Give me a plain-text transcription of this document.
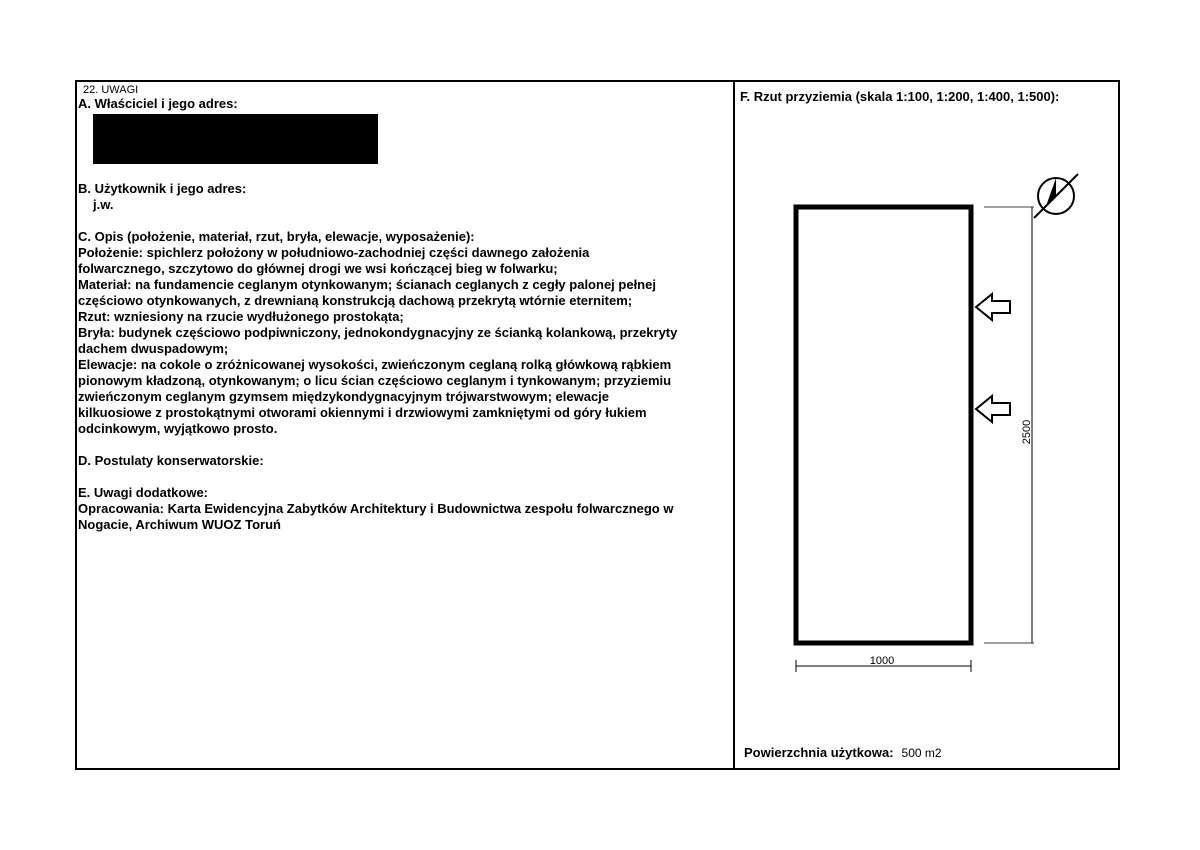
22. UWAGI
A. Właściciel i jego adres:
B. Użytkownik i jego adres:
j.w.
C. Opis (położenie, materiał, rzut, bryła, elewacje, wyposażenie):
Położenie: spichlerz położony w południowo-zachodniej części dawnego założenia
folwarcznego, szczytowo do głównej drogi we wsi kończącej bieg w folwarku;
Materiał: na fundamencie ceglanym otynkowanym; ścianach ceglanych z cegły palonej pełnej
częściowo otynkowanych, z drewnianą konstrukcją dachową przekrytą wtórnie eternitem;
Rzut: wzniesiony na rzucie wydłużonego prostokąta;
Bryła: budynek częściowo podpiwniczony, jednokondygnacyjny ze ścianką kolankową, przekryty
dachem dwuspadowym;
Elewacje: na cokole o zróżnicowanej wysokości, zwieńczonym ceglaną rolką główkową rąbkiem
pionowym kładzoną, otynkowanym; o licu ścian częściowo ceglanym i tynkowanym; przyziemiu
zwieńczonym ceglanym gzymsem międzykondygnacyjnym trójwarstwowym; elewacje
kilkuosiowe z prostokątnymi otworami okiennymi i drzwiowymi zamkniętymi od góry łukiem
odcinkowym, wyjątkowo prosto.
D. Postulaty konserwatorskie:
E. Uwagi dodatkowe:
Opracowania: Karta Ewidencyjna Zabytków Architektury i Budownictwa zespołu folwarcznego w
Nogacie, Archiwum WUOZ Toruń
F. Rzut przyziemia (skala 1:100, 1:200, 1:400, 1:500):
2500
1000
Powierzchnia użytkowa: 500 m2
